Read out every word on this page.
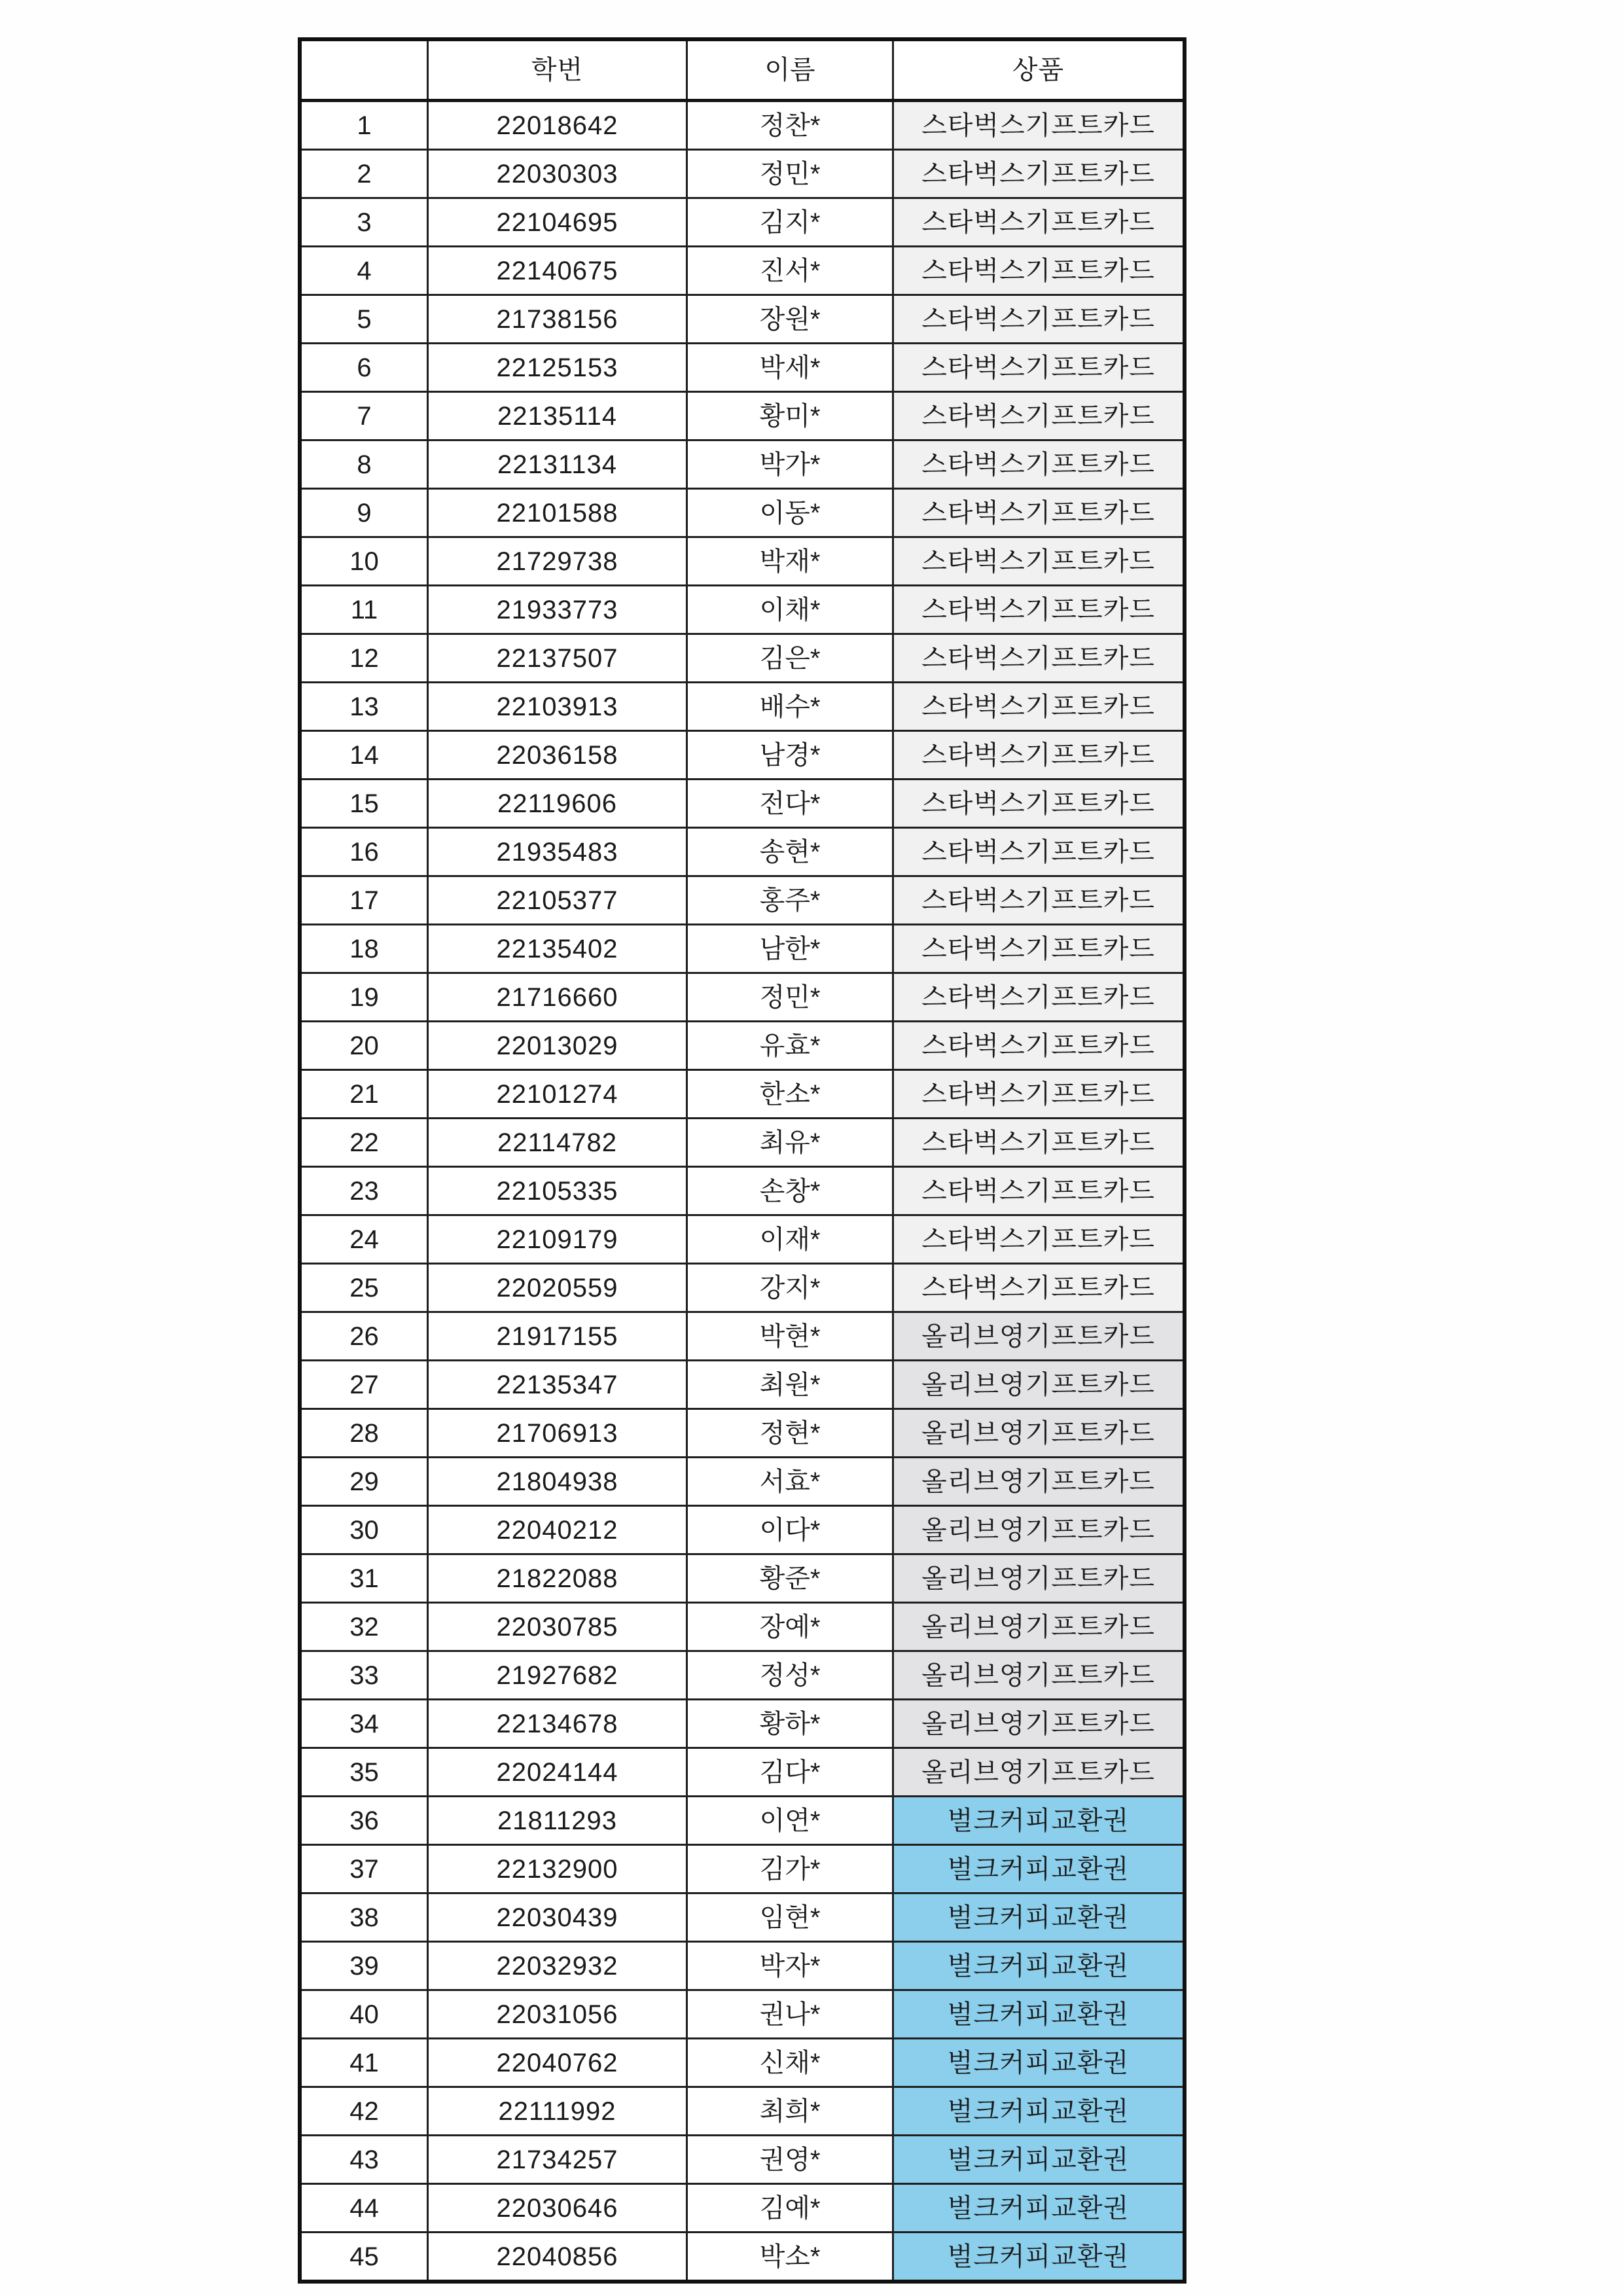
	학번	이름	상품
1	22018642	정찬*	스타벅스기프트카드
2	22030303	정민*	스타벅스기프트카드
3	22104695	김지*	스타벅스기프트카드
4	22140675	진서*	스타벅스기프트카드
5	21738156	장원*	스타벅스기프트카드
6	22125153	박세*	스타벅스기프트카드
7	22135114	황미*	스타벅스기프트카드
8	22131134	박가*	스타벅스기프트카드
9	22101588	이동*	스타벅스기프트카드
10	21729738	박재*	스타벅스기프트카드
11	21933773	이채*	스타벅스기프트카드
12	22137507	김은*	스타벅스기프트카드
13	22103913	배수*	스타벅스기프트카드
14	22036158	남경*	스타벅스기프트카드
15	22119606	전다*	스타벅스기프트카드
16	21935483	송현*	스타벅스기프트카드
17	22105377	홍주*	스타벅스기프트카드
18	22135402	남한*	스타벅스기프트카드
19	21716660	정민*	스타벅스기프트카드
20	22013029	유효*	스타벅스기프트카드
21	22101274	한소*	스타벅스기프트카드
22	22114782	최유*	스타벅스기프트카드
23	22105335	손창*	스타벅스기프트카드
24	22109179	이재*	스타벅스기프트카드
25	22020559	강지*	스타벅스기프트카드
26	21917155	박현*	올리브영기프트카드
27	22135347	최원*	올리브영기프트카드
28	21706913	정현*	올리브영기프트카드
29	21804938	서효*	올리브영기프트카드
30	22040212	이다*	올리브영기프트카드
31	21822088	황준*	올리브영기프트카드
32	22030785	장예*	올리브영기프트카드
33	21927682	정성*	올리브영기프트카드
34	22134678	황하*	올리브영기프트카드
35	22024144	김다*	올리브영기프트카드
36	21811293	이연*	벌크커피교환권
37	22132900	김가*	벌크커피교환권
38	22030439	임현*	벌크커피교환권
39	22032932	박자*	벌크커피교환권
40	22031056	권나*	벌크커피교환권
41	22040762	신채*	벌크커피교환권
42	22111992	최희*	벌크커피교환권
43	21734257	권영*	벌크커피교환권
44	22030646	김예*	벌크커피교환권
45	22040856	박소*	벌크커피교환권
